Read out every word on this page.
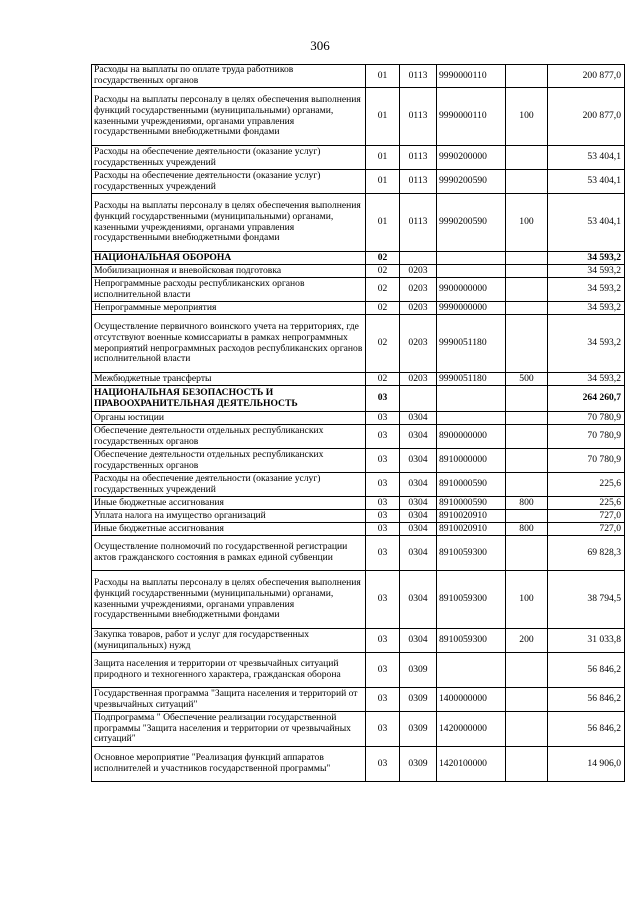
306
Расходы на выплаты по оплате труда работников государственных органов	01	0113	9990000110		200 877,0
Расходы на выплаты персоналу в целях обеспечения выполнения функций государственными (муниципальными) органами, казенными учреждениями, органами управления государственными внебюджетными фондами	01	0113	9990000110	100	200 877,0
Расходы на обеспечение деятельности (оказание услуг) государственных учреждений	01	0113	9990200000		53 404,1
Расходы на обеспечение деятельности (оказание услуг) государственных учреждений	01	0113	9990200590		53 404,1
Расходы на выплаты персоналу в целях обеспечения выполнения функций государственными (муниципальными) органами, казенными учреждениями, органами управления государственными внебюджетными фондами	01	0113	9990200590	100	53 404,1
НАЦИОНАЛЬНАЯ ОБОРОНА	02				34 593,2
Мобилизационная и вневойсковая подготовка	02	0203			34 593,2
Непрограммные расходы республиканских органов исполнительной власти	02	0203	9900000000		34 593,2
Непрограммные мероприятия	02	0203	9990000000		34 593,2
Осуществление первичного воинского учета на территориях, где отсутствуют военные комиссариаты в рамках непрограммных мероприятий непрограммных расходов республиканских органов исполнительной власти	02	0203	9990051180		34 593,2
Межбюджетные трансферты	02	0203	9990051180	500	34 593,2
НАЦИОНАЛЬНАЯ БЕЗОПАСНОСТЬ И ПРАВООХРАНИТЕЛЬНАЯ ДЕЯТЕЛЬНОСТЬ	03				264 260,7
Органы юстиции	03	0304			70 780,9
Обеспечение деятельности отдельных республиканских государственных органов	03	0304	8900000000		70 780,9
Обеспечение деятельности отдельных республиканских государственных органов	03	0304	8910000000		70 780,9
Расходы на обеспечение деятельности (оказание услуг) государственных учреждений	03	0304	8910000590		225,6
Иные бюджетные ассигнования	03	0304	8910000590	800	225,6
Уплата налога на имущество организаций	03	0304	8910020910		727,0
Иные бюджетные ассигнования	03	0304	8910020910	800	727,0
Осуществление полномочий по государственной регистрации актов гражданского состояния в рамках единой субвенции	03	0304	8910059300		69 828,3
Расходы на выплаты персоналу в целях обеспечения выполнения функций государственными (муниципальными) органами, казенными учреждениями, органами управления государственными внебюджетными фондами	03	0304	8910059300	100	38 794,5
Закупка товаров, работ и услуг для государственных (муниципальных) нужд	03	0304	8910059300	200	31 033,8
Защита населения и территории от чрезвычайных ситуаций природного и техногенного характера, гражданская оборона	03	0309			56 846,2
Государственная программа "Защита населения и территорий от чрезвычайных ситуаций"	03	0309	1400000000		56 846,2
Подпрограмма " Обеспечение реализации государственной программы "Защита населения и территории от чрезвычайных ситуаций"	03	0309	1420000000		56 846,2
Основное мероприятие "Реализация функций аппаратов исполнителей и участников государственной программы"	03	0309	1420100000		14 906,0
